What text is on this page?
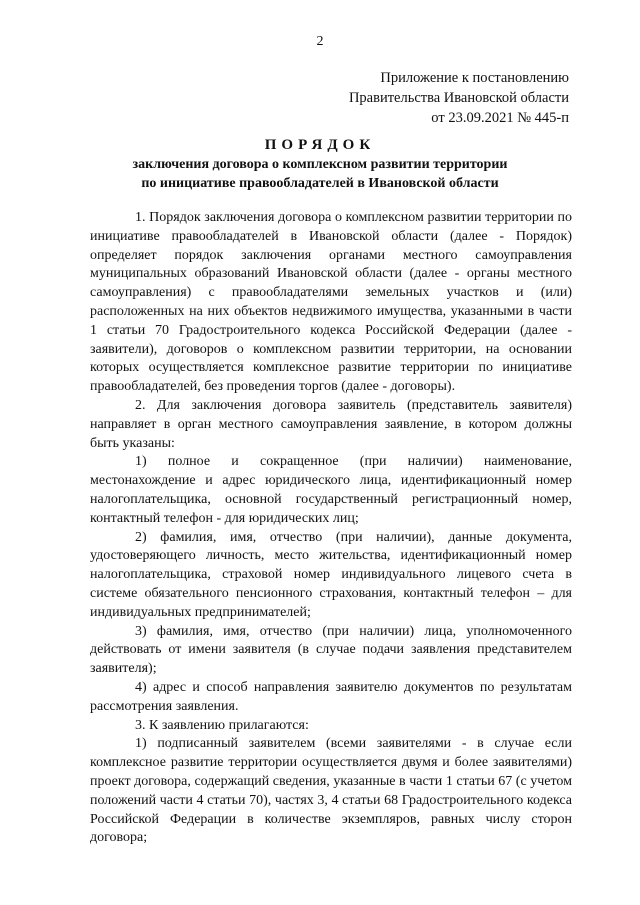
2
Приложение к постановлению
Правительства Ивановской области
от 23.09.2021 № 445-п
ПОРЯДОК
заключения договора о комплексном развитии территории
по инициативе правообладателей в Ивановской области

1. Порядок заключения договора о комплексном развитии территории по инициативе правообладателей в Ивановской области (далее - Порядок) определяет порядок заключения органами местного самоуправления муниципальных образований Ивановской области (далее - органы местного самоуправления) с правообладателями земельных участков и (или) расположенных на них объектов недвижимого имущества, указанными в части 1 статьи 70 Градостроительного кодекса Российской Федерации (далее - заявители), договоров о комплексном развитии территории, на основании которых осуществляется комплексное развитие территории по инициативе правообладателей, без проведения торгов (далее - договоры).

2. Для заключения договора заявитель (представитель заявителя) направляет в орган местного самоуправления заявление, в котором должны быть указаны:

1) полное и сокращенное (при наличии) наименование, местонахождение и адрес юридического лица, идентификационный номер налогоплательщика, основной государственный регистрационный номер, контактный телефон - для юридических лиц;

2) фамилия, имя, отчество (при наличии), данные документа, удостоверяющего личность, место жительства, идентификационный номер налогоплательщика, страховой номер индивидуального лицевого счета в системе обязательного пенсионного страхования, контактный телефон – для индивидуальных предпринимателей;

3) фамилия, имя, отчество (при наличии) лица, уполномоченного действовать от имени заявителя (в случае подачи заявления представителем заявителя);

4) адрес и способ направления заявителю документов по результатам рассмотрения заявления.

3. К заявлению прилагаются:

1) подписанный заявителем (всеми заявителями - в случае если комплексное развитие территории осуществляется двумя и более заявителями) проект договора, содержащий сведения, указанные в части 1 статьи 67 (с учетом положений части 4 статьи 70), частях 3, 4 статьи 68 Градостроительного кодекса Российской Федерации в количестве экземпляров, равных числу сторон договора;
